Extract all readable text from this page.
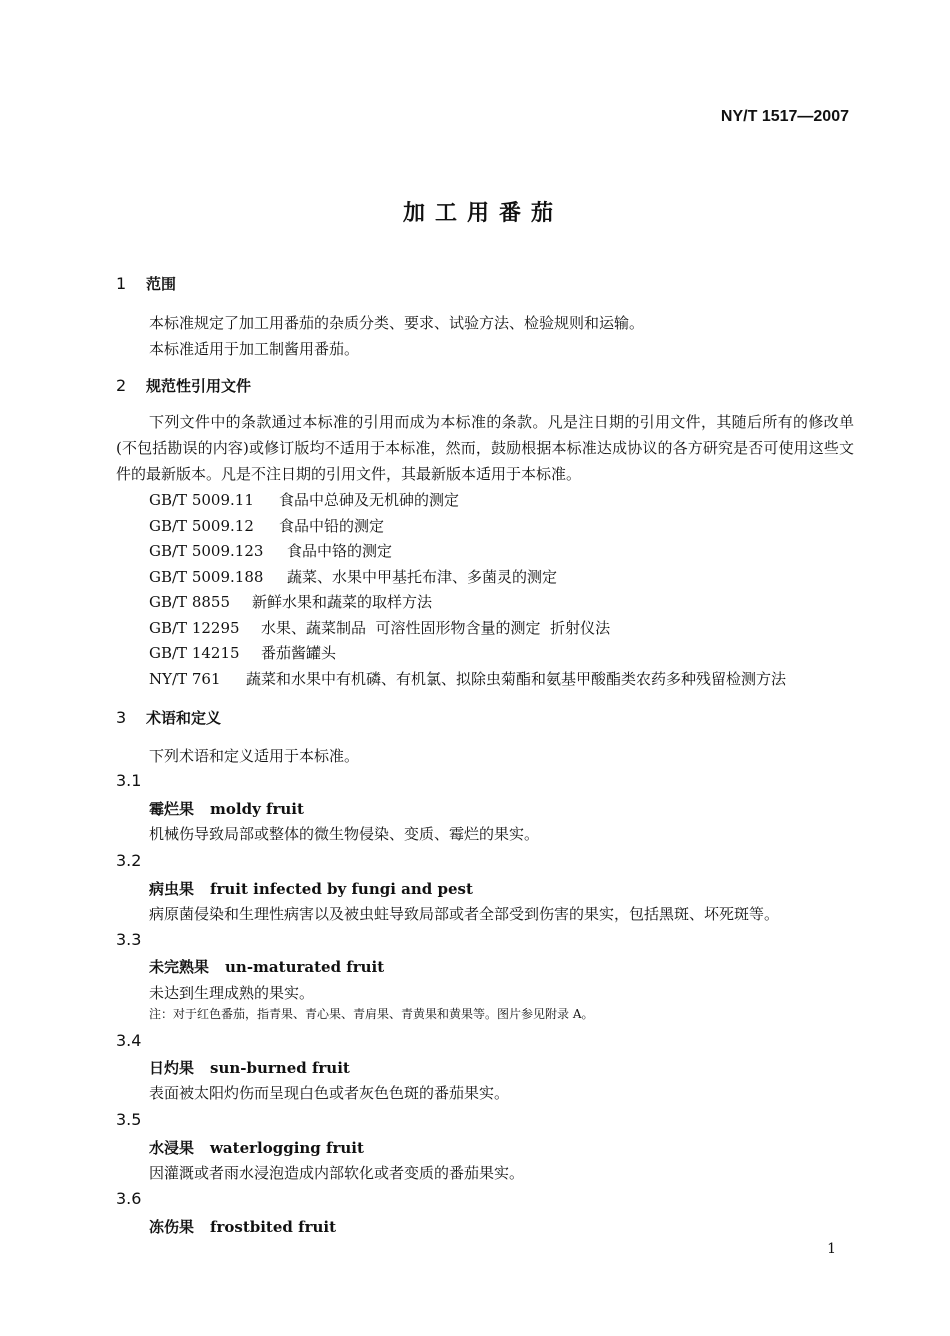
NY/T 1517—2007
加工用番茄
1 范围
本标准规定了加工用番茄的杂质分类、要求、试验方法、检验规则和运输。
本标准适用于加工制酱用番茄。
2 规范性引用文件
下列文件中的条款通过本标准的引用而成为本标准的条款。凡是注日期的引用文件，其随后所有的修改单(不包括勘误的内容)或修订版均不适用于本标准，然而，鼓励根据本标准达成协议的各方研究是否可使用这些文件的最新版本。凡是不注日期的引用文件，其最新版本适用于本标准。
GB/T 5009.11 食品中总砷及无机砷的测定
GB/T 5009.12 食品中铅的测定
GB/T 5009.123 食品中铬的测定
GB/T 5009.188 蔬菜、水果中甲基托布津、多菌灵的测定
GB/T 8855 新鲜水果和蔬菜的取样方法
GB/T 12295 水果、蔬菜制品  可溶性固形物含量的测定  折射仪法
GB/T 14215 番茄酱罐头
NY/T 761 蔬菜和水果中有机磷、有机氯、拟除虫菊酯和氨基甲酸酯类农药多种残留检测方法
3 术语和定义
下列术语和定义适用于本标准。
3.1
霉烂果 moldy fruit
机械伤导致局部或整体的微生物侵染、变质、霉烂的果实。
3.2
病虫果 fruit infected by fungi and pest
病原菌侵染和生理性病害以及被虫蛀导致局部或者全部受到伤害的果实，包括黑斑、坏死斑等。
3.3
未完熟果 un-maturated fruit
未达到生理成熟的果实。
注：对于红色番茄，指青果、青心果、青肩果、青黄果和黄果等。图片参见附录 A。
3.4
日灼果 sun-burned fruit
表面被太阳灼伤而呈现白色或者灰色色斑的番茄果实。
3.5
水浸果 waterlogging fruit
因灌溉或者雨水浸泡造成内部软化或者变质的番茄果实。
3.6
冻伤果 frostbited fruit
1
